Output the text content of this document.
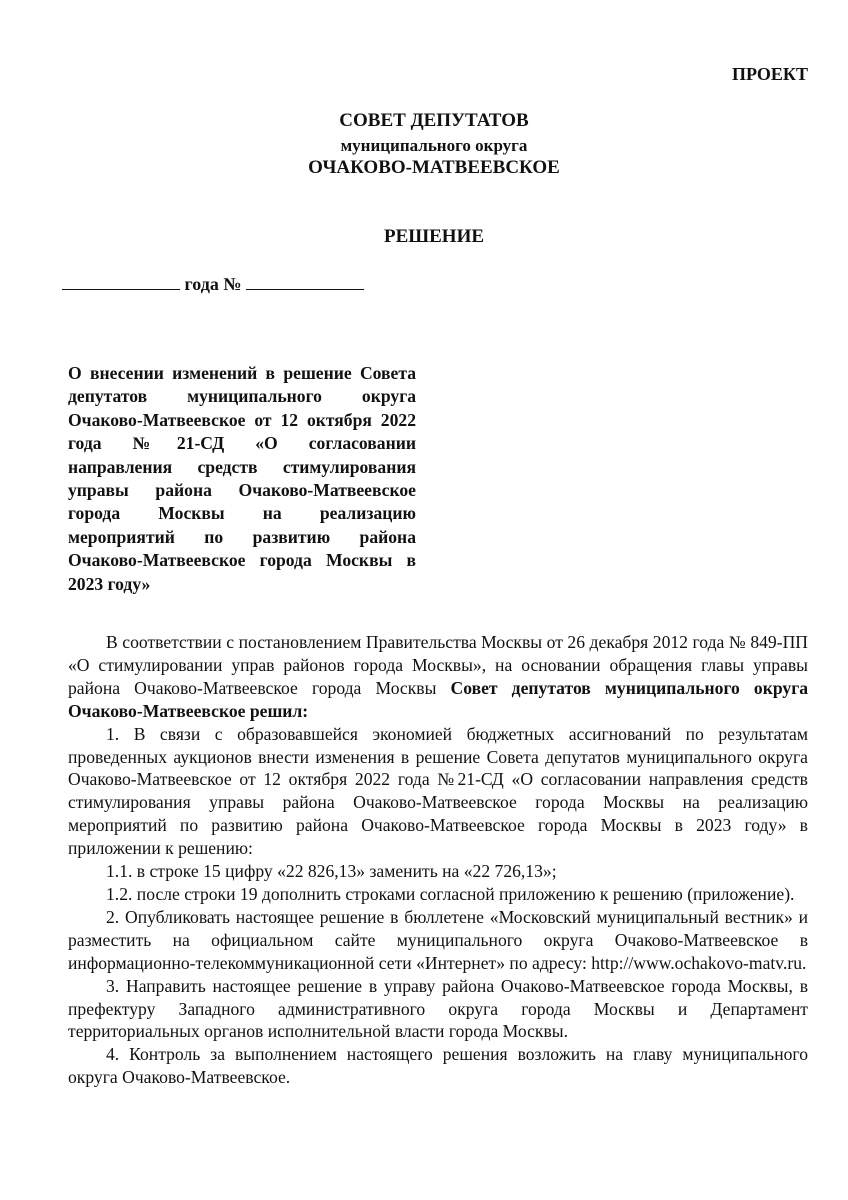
ПРОЕКТ
СОВЕТ ДЕПУТАТОВ
муниципального округа
ОЧАКОВО-МАТВЕЕВСКОЕ
РЕШЕНИЕ
года №
О внесении изменений в решение Совета депутатов муниципального округа Очаково-Матвеевское от 12 октября 2022 года №21-СД «О согласовании направления средств стимулирования управы района Очаково-Матвеевское города Москвы на реализацию мероприятий по развитию района Очаково-Матвеевское города Москвы в 2023 году»

В соответствии с постановлением Правительства Москвы от 26 декабря 2012 года № 849-ПП «О стимулировании управ районов города Москвы», на основании обращения главы управы района Очаково-Матвеевское города Москвы Совет депутатов муниципального округа Очаково-Матвеевское решил:

1. В связи с образовавшейся экономией бюджетных ассигнований по результатам проведенных аукционов внести изменения в решение Совета депутатов муниципального округа Очаково-Матвеевское от 12 октября 2022 года №21-СД «О согласовании направления средств стимулирования управы района Очаково-Матвеевское города Москвы на реализацию мероприятий по развитию района Очаково-Матвеевское города Москвы в 2023 году» в приложении к решению:

1.1. в строке 15 цифру «22 826,13» заменить на «22 726,13»;

1.2. после строки 19 дополнить строками согласной приложению к решению (приложение).

2. Опубликовать настоящее решение в бюллетене «Московский муниципальный вестник» и разместить на официальном сайте муниципального округа Очаково-Матвеевское в информационно-телекоммуникационной сети «Интернет» по адресу: http://www.ochakovo-matv.ru.

3. Направить настоящее решение в управу района Очаково-Матвеевское города Москвы, в префектуру Западного административного округа города Москвы и Департамент территориальных органов исполнительной власти города Москвы.

4. Контроль за выполнением настоящего решения возложить на главу муниципального округа Очаково-Матвеевское.
